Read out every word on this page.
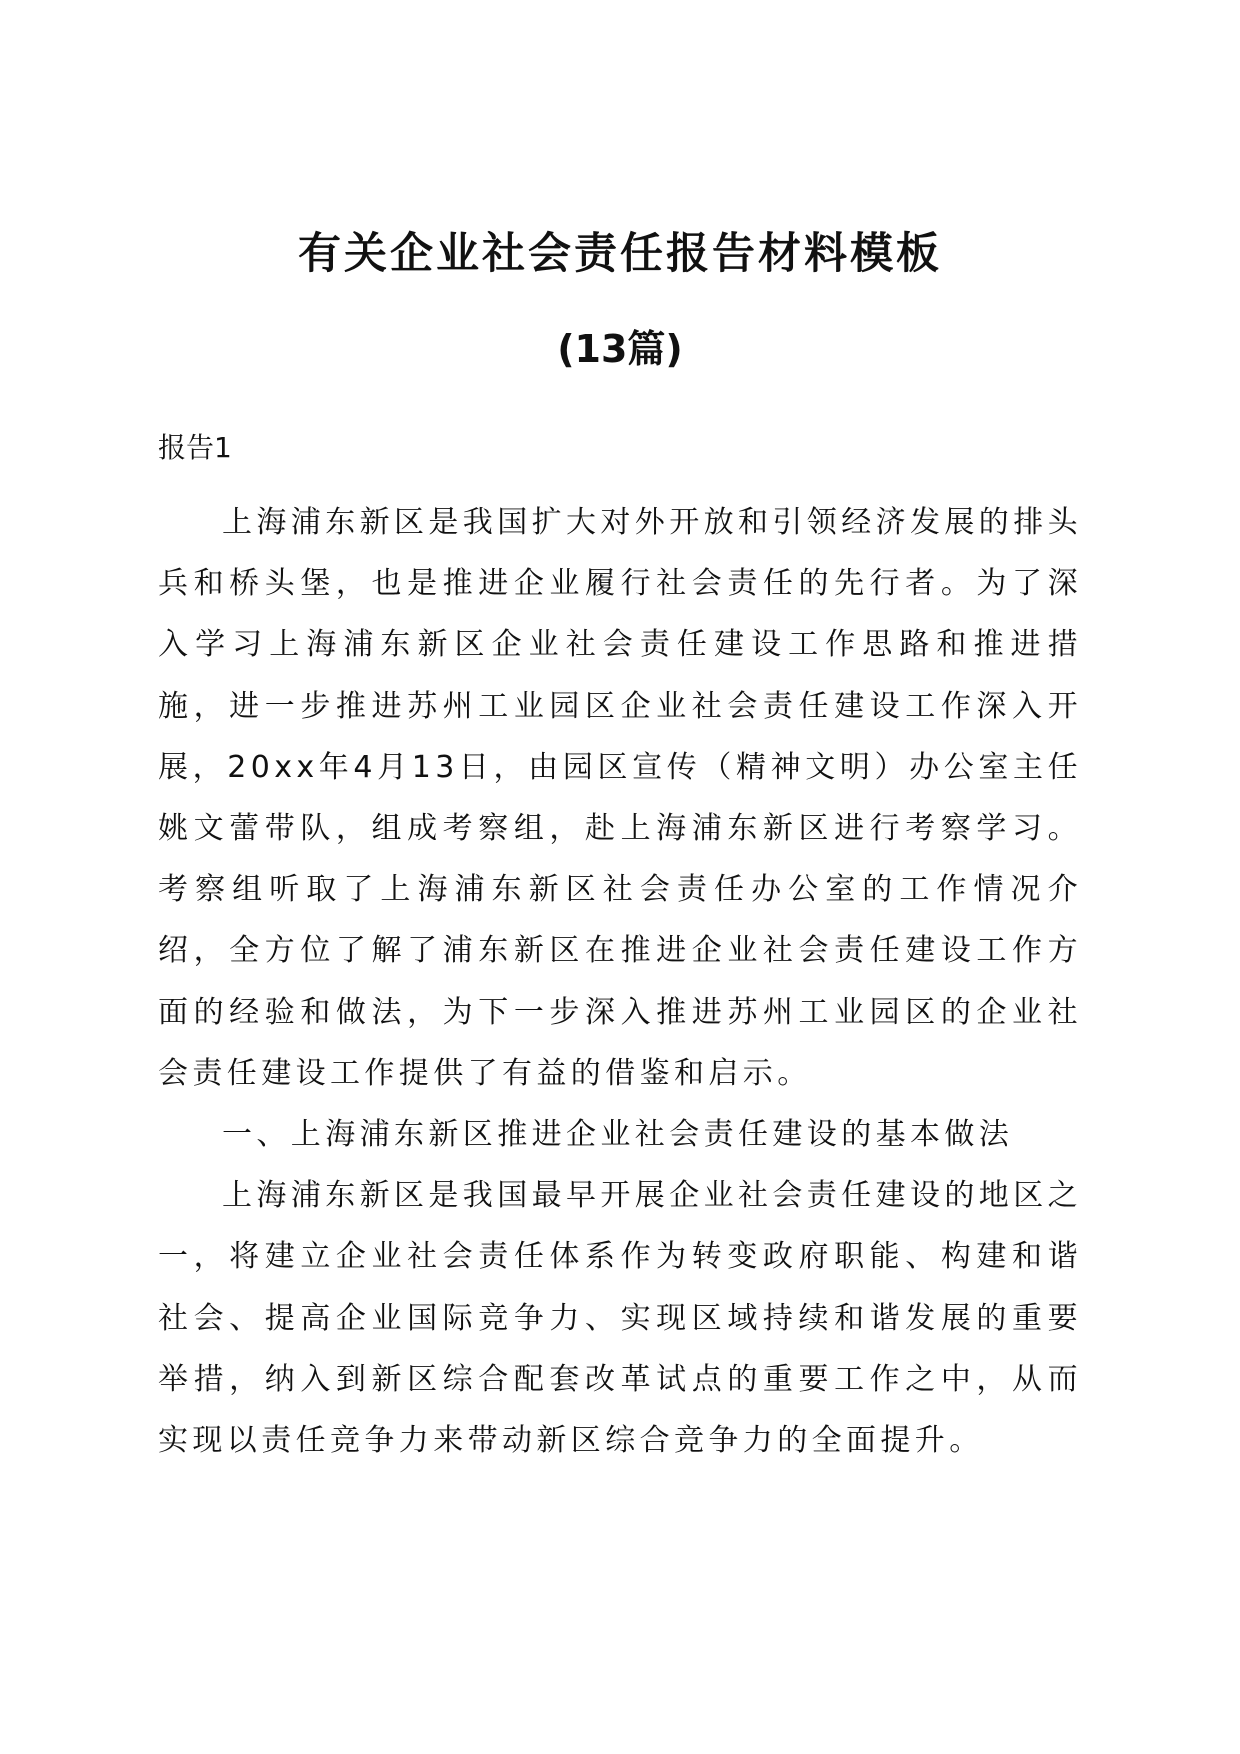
有关企业社会责任报告材料模板
(13篇)
报告1

上海浦东新区是我国扩大对外开放和引领经济发展的排头兵和桥头堡，也是推进企业履行社会责任的先行者。为了深入学习上海浦东新区企业社会责任建设工作思路和推进措施，进一步推进苏州工业园区企业社会责任建设工作深入开展，20xx年4月13日，由园区宣传（精神文明）办公室主任姚文蕾带队，组成考察组，赴上海浦东新区进行考察学习。考察组听取了上海浦东新区社会责任办公室的工作情况介绍，全方位了解了浦东新区在推进企业社会责任建设工作方面的经验和做法，为下一步深入推进苏州工业园区的企业社会责任建设工作提供了有益的借鉴和启示。

一、上海浦东新区推进企业社会责任建设的基本做法

上海浦东新区是我国最早开展企业社会责任建设的地区之一，将建立企业社会责任体系作为转变政府职能、构建和谐社会、提高企业国际竞争力、实现区域持续和谐发展的重要举措，纳入到新区综合配套改革试点的重要工作之中，从而实现以责任竞争力来带动新区综合竞争力的全面提升。
